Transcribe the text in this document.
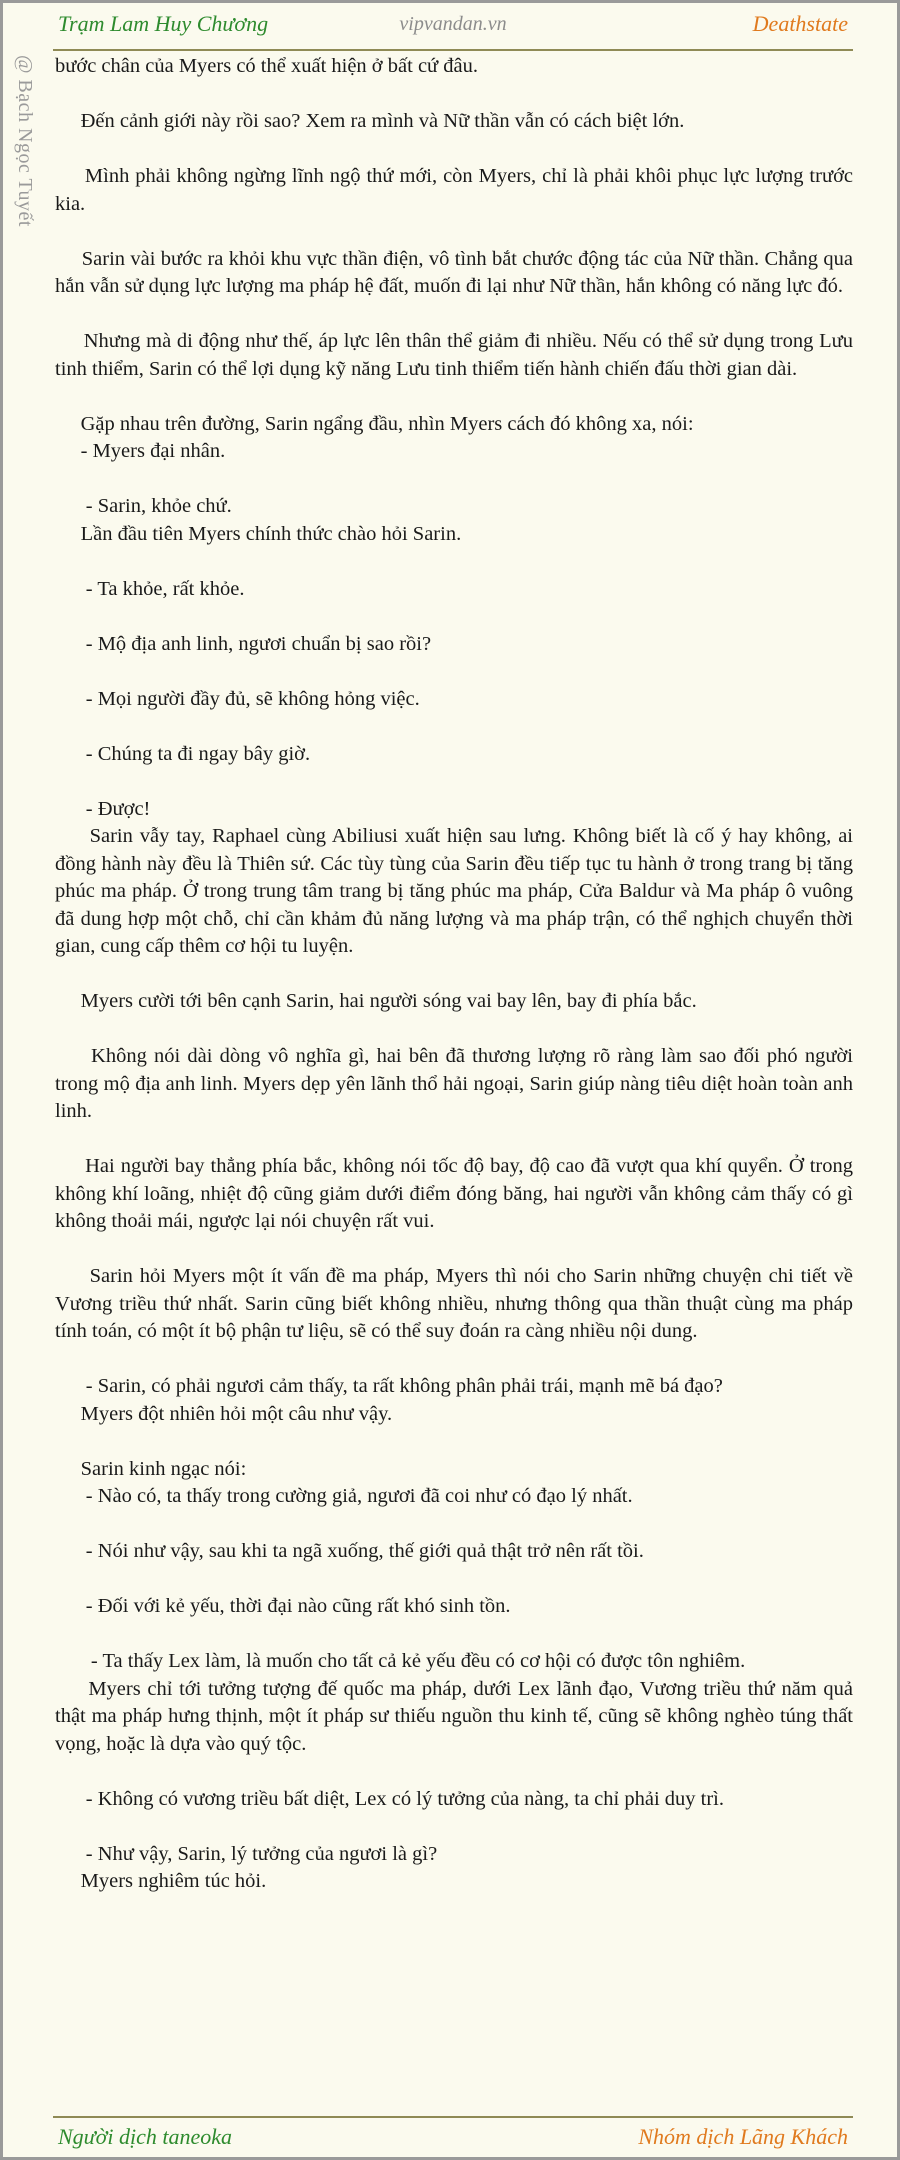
Trạm Lam Huy Chương	vipvandan.vn	Deathstate
@ Bạch Ngọc Tuyết bước chân của Myers có thể xuất hiện ở bất cứ đâu.

Đến cảnh giới này rồi sao? Xem ra mình và Nữ thần vẫn có cách biệt lớn.

Mình phải không ngừng lĩnh ngộ thứ mới, còn Myers, chỉ là phải khôi phục lực lượng trước kia.

Sarin vài bước ra khỏi khu vực thần điện, vô tình bắt chước động tác của Nữ thần. Chẳng qua hắn vẫn sử dụng lực lượng ma pháp hệ đất, muốn đi lại như Nữ thần, hắn không có năng lực đó.

Nhưng mà di động như thế, áp lực lên thân thể giảm đi nhiều. Nếu có thể sử dụng trong Lưu tinh thiểm, Sarin có thể lợi dụng kỹ năng Lưu tinh thiểm tiến hành chiến đấu thời gian dài.

Gặp nhau trên đường, Sarin ngẩng đầu, nhìn Myers cách đó không xa, nói:

- Myers đại nhân.

- Sarin, khỏe chứ.

Lần đầu tiên Myers chính thức chào hỏi Sarin.

- Ta khỏe, rất khỏe.

- Mộ địa anh linh, ngươi chuẩn bị sao rồi?

- Mọi người đầy đủ, sẽ không hỏng việc.

- Chúng ta đi ngay bây giờ.

- Được!

Sarin vẫy tay, Raphael cùng Abiliusi xuất hiện sau lưng. Không biết là cố ý hay không, ai đồng hành này đều là Thiên sứ. Các tùy tùng của Sarin đều tiếp tục tu hành ở trong trang bị tăng phúc ma pháp. Ở trong trung tâm trang bị tăng phúc ma pháp, Cửa Baldur và Ma pháp ô vuông đã dung hợp một chỗ, chỉ cần khảm đủ năng lượng và ma pháp trận, có thể nghịch chuyển thời gian, cung cấp thêm cơ hội tu luyện.

Myers cười tới bên cạnh Sarin, hai người sóng vai bay lên, bay đi phía bắc.

Không nói dài dòng vô nghĩa gì, hai bên đã thương lượng rõ ràng làm sao đối phó người trong mộ địa anh linh. Myers dẹp yên lãnh thổ hải ngoại, Sarin giúp nàng tiêu diệt hoàn toàn anh linh.

Hai người bay thẳng phía bắc, không nói tốc độ bay, độ cao đã vượt qua khí quyển. Ở trong không khí loãng, nhiệt độ cũng giảm dưới điểm đóng băng, hai người vẫn không cảm thấy có gì không thoải mái, ngược lại nói chuyện rất vui.

Sarin hỏi Myers một ít vấn đề ma pháp, Myers thì nói cho Sarin những chuyện chi tiết về Vương triều thứ nhất. Sarin cũng biết không nhiều, nhưng thông qua thần thuật cùng ma pháp tính toán, có một ít bộ phận tư liệu, sẽ có thể suy đoán ra càng nhiều nội dung.

- Sarin, có phải ngươi cảm thấy, ta rất không phân phải trái, mạnh mẽ bá đạo?

Myers đột nhiên hỏi một câu như vậy.

Sarin kinh ngạc nói:

- Nào có, ta thấy trong cường giả, ngươi đã coi như có đạo lý nhất.

- Nói như vậy, sau khi ta ngã xuống, thế giới quả thật trở nên rất tồi.

- Đối với kẻ yếu, thời đại nào cũng rất khó sinh tồn.

- Ta thấy Lex làm, là muốn cho tất cả kẻ yếu đều có cơ hội có được tôn nghiêm.

Myers chỉ tới tưởng tượng đế quốc ma pháp, dưới Lex lãnh đạo, Vương triều thứ năm quả thật ma pháp hưng thịnh, một ít pháp sư thiếu nguồn thu kinh tế, cũng sẽ không nghèo túng thất vọng, hoặc là dựa vào quý tộc.

- Không có vương triều bất diệt, Lex có lý tưởng của nàng, ta chỉ phải duy trì.

- Như vậy, Sarin, lý tưởng của ngươi là gì?

Myers nghiêm túc hỏi.

Người dịch taneoka	Nhóm dịch Lãng Khách
